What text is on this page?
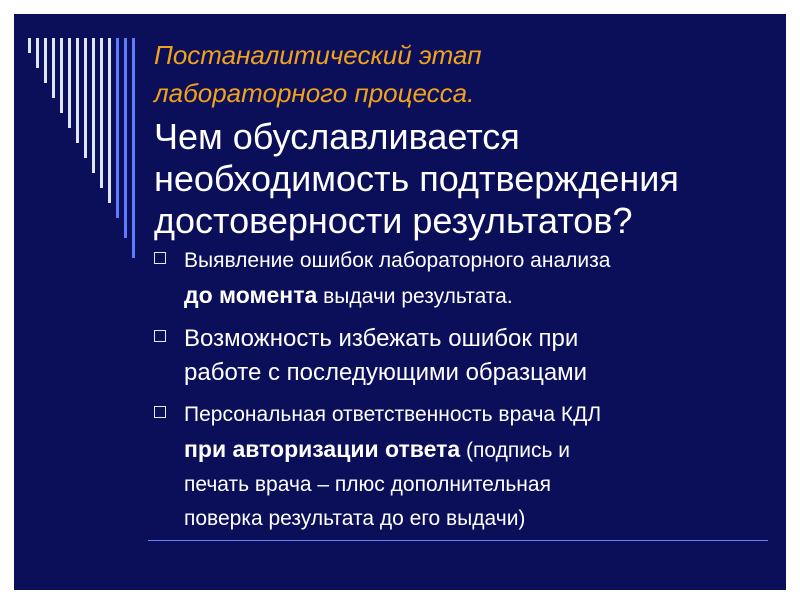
Постаналитический этап
лабораторного процесса.

Чем обуславливается
необходимость подтверждения
достоверности результатов?

Выявление ошибок лабораторного анализа
до момента выдачи результата.
Возможность избежать ошибок при
работе с последующими образцами
Персональная ответственность врача КДЛ
при авторизации ответа (подпись и
печать врача – плюс дополнительная
поверка результата до его выдачи)
